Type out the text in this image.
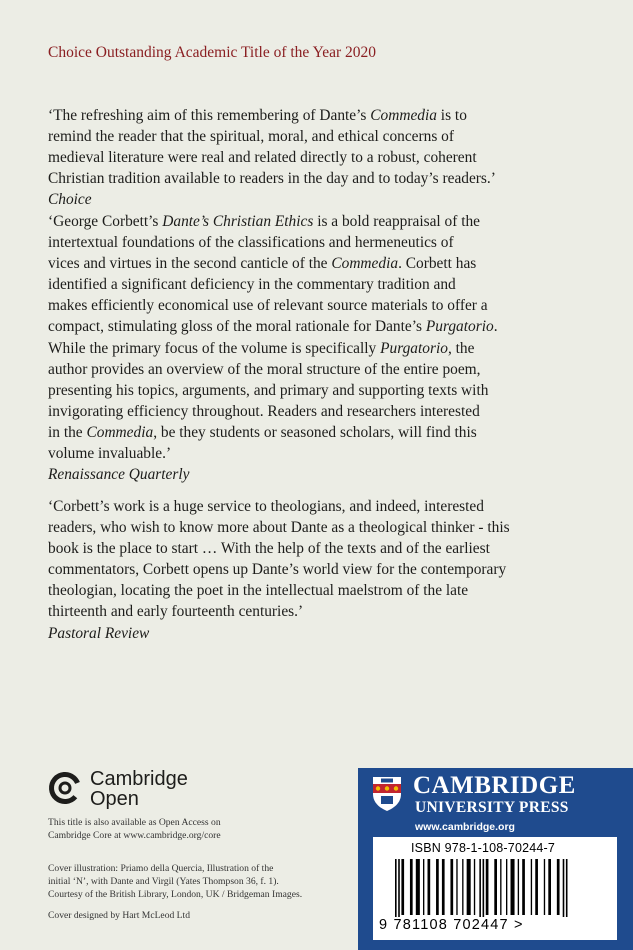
Choice Outstanding Academic Title of the Year 2020

‘The refreshing aim of this remembering of Dante’s Commedia is to

remind the reader that the spiritual, moral, and ethical concerns of

medieval literature were real and related directly to a robust, coherent

Christian tradition available to readers in the day and to today’s readers.’

Choice

‘George Corbett’s Dante’s Christian Ethics is a bold reappraisal of the

intertextual foundations of the classifications and hermeneutics of

vices and virtues in the second canticle of the Commedia. Corbett has

identified a significant deficiency in the commentary tradition and

makes efficiently economical use of relevant source materials to offer a

compact, stimulating gloss of the moral rationale for Dante’s Purgatorio.

While the primary focus of the volume is specifically Purgatorio, the

author provides an overview of the moral structure of the entire poem,

presenting his topics, arguments, and primary and supporting texts with

invigorating efficiency throughout. Readers and researchers interested

in the Commedia, be they students or seasoned scholars, will find this

volume invaluable.’

Renaissance Quarterly

‘Corbett’s work is a huge service to theologians, and indeed, interested

readers, who wish to know more about Dante as a theological thinker - this

book is the place to start … With the help of the texts and of the earliest

commentators, Corbett opens up Dante’s world view for the contemporary

theologian, locating the poet in the intellectual maelstrom of the late

thirteenth and early fourteenth centuries.’

Pastoral Review

Cambridge
Open
This title is also available as Open Access on
Cambridge Core at www.cambridge.org/core
Cover illustration: Priamo della Quercia, Illustration of the
initial ‘N’, with Dante and Virgil (Yates Thompson 36, f. 1).
Courtesy of the British Library, London, UK / Bridgeman Images.
Cover designed by Hart McLeod Ltd
CAMBRIDGE
UNIVERSITY PRESS
www.cambridge.org
ISBN 978-1-108-70244-7
9 781108 702447 >
